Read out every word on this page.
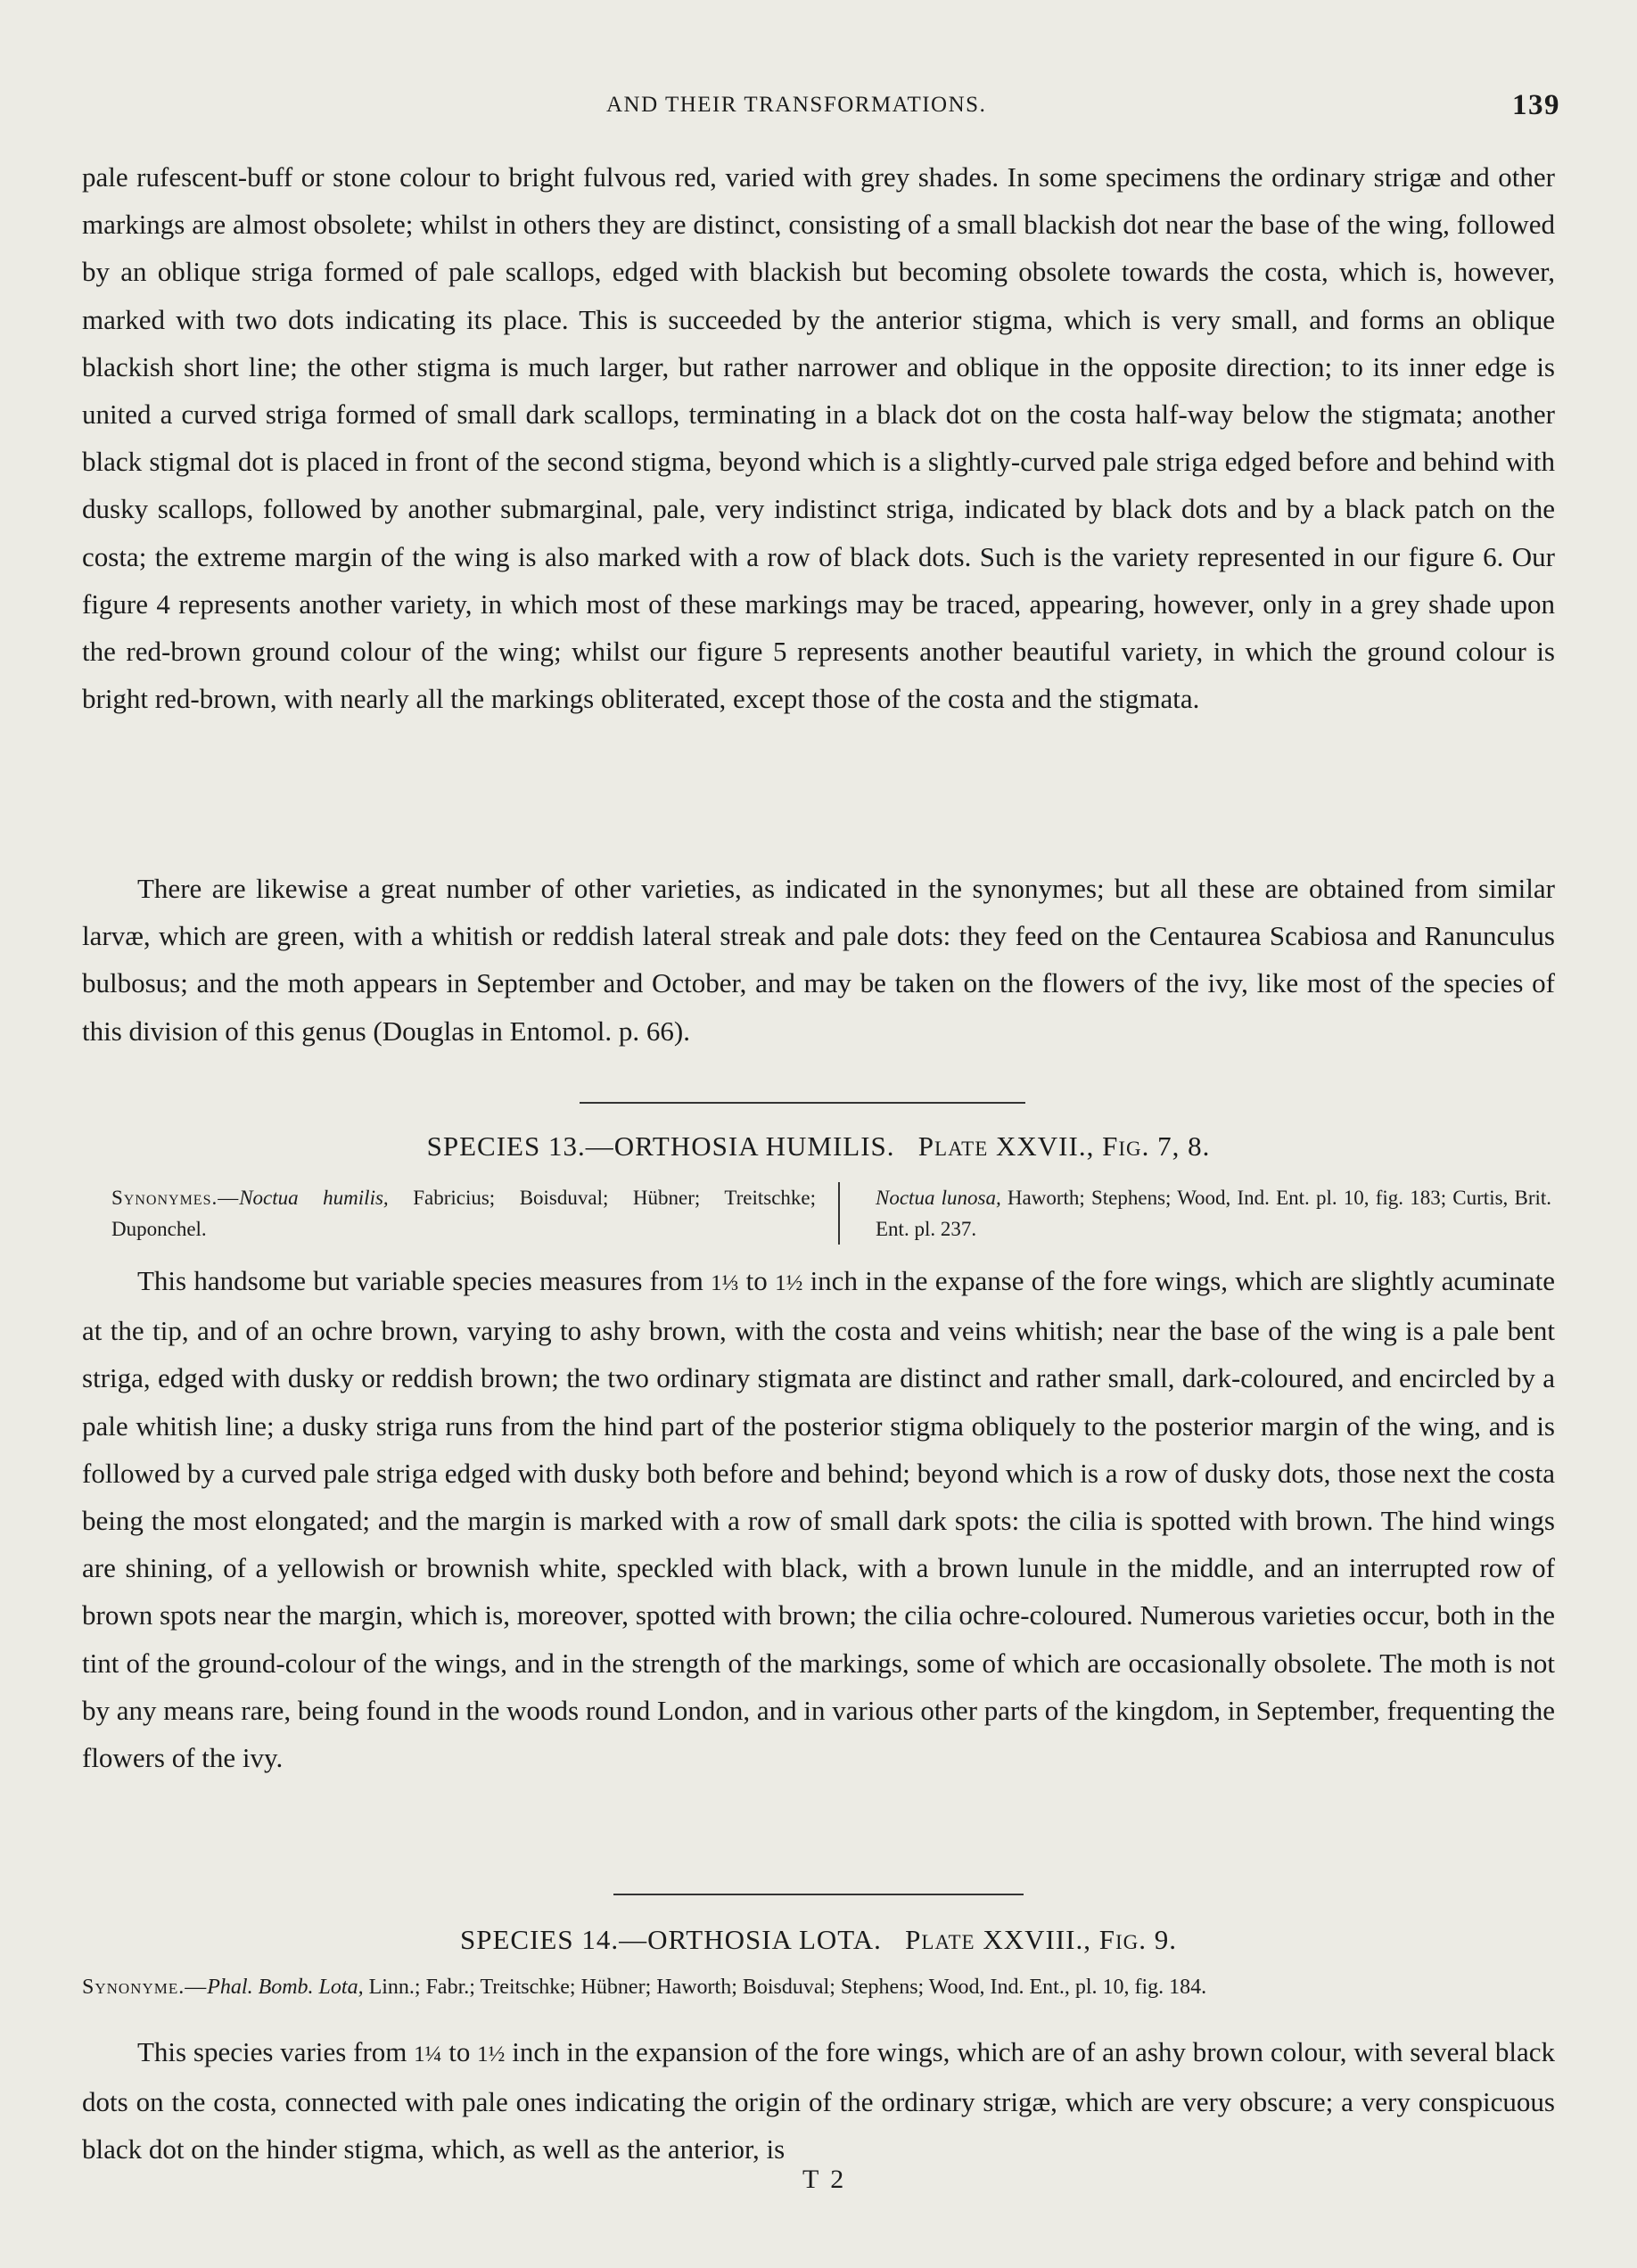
AND THEIR TRANSFORMATIONS.	139

pale rufescent-buff or stone colour to bright fulvous red, varied with grey shades. In some specimens the ordinary strigæ and other markings are almost obsolete; whilst in others they are distinct, consisting of a small blackish dot near the base of the wing, followed by an oblique striga formed of pale scallops, edged with blackish but becoming obsolete towards the costa, which is, however, marked with two dots indicating its place. This is succeeded by the anterior stigma, which is very small, and forms an oblique blackish short line; the other stigma is much larger, but rather narrower and oblique in the opposite direction; to its inner edge is united a curved striga formed of small dark scallops, terminating in a black dot on the costa half-way below the stigmata; another black stigmal dot is placed in front of the second stigma, beyond which is a slightly-curved pale striga edged before and behind with dusky scallops, followed by another submarginal, pale, very indistinct striga, indicated by black dots and by a black patch on the costa; the extreme margin of the wing is also marked with a row of black dots. Such is the variety represented in our figure 6. Our figure 4 represents another variety, in which most of these markings may be traced, appearing, however, only in a grey shade upon the red-brown ground colour of the wing; whilst our figure 5 represents another beautiful variety, in which the ground colour is bright red-brown, with nearly all the markings obliterated, except those of the costa and the stigmata.

There are likewise a great number of other varieties, as indicated in the synonymes; but all these are obtained from similar larvæ, which are green, with a whitish or reddish lateral streak and pale dots: they feed on the Centaurea Scabiosa and Ranunculus bulbosus; and the moth appears in September and October, and may be taken on the flowers of the ivy, like most of the species of this division of this genus (Douglas in Entomol. p. 66).

SPECIES 13.—ORTHOSIA HUMILIS. PLATE XXVII., FIG. 7, 8.
Synonymes.—Noctua humilis, Fabricius; Boisduval; Hübner; Treitschke; Duponchel.
Noctua lunosa, Haworth; Stephens; Wood, Ind. Ent. pl. 10, fig. 183; Curtis, Brit. Ent. pl. 237.

This handsome but variable species measures from 1⅓ to 1½ inch in the expanse of the fore wings, which are slightly acuminate at the tip, and of an ochre brown, varying to ashy brown, with the costa and veins whitish; near the base of the wing is a pale bent striga, edged with dusky or reddish brown; the two ordinary stigmata are distinct and rather small, dark-coloured, and encircled by a pale whitish line; a dusky striga runs from the hind part of the posterior stigma obliquely to the posterior margin of the wing, and is followed by a curved pale striga edged with dusky both before and behind; beyond which is a row of dusky dots, those next the costa being the most elongated; and the margin is marked with a row of small dark spots: the cilia is spotted with brown. The hind wings are shining, of a yellowish or brownish white, speckled with black, with a brown lunule in the middle, and an interrupted row of brown spots near the margin, which is, moreover, spotted with brown; the cilia ochre-coloured. Numerous varieties occur, both in the tint of the ground-colour of the wings, and in the strength of the markings, some of which are occasionally obsolete. The moth is not by any means rare, being found in the woods round London, and in various other parts of the kingdom, in September, frequenting the flowers of the ivy.

SPECIES 14.—ORTHOSIA LOTA. PLATE XXVIII., FIG. 9.
Synonyme.—Phal. Bomb. Lota, Linn.; Fabr.; Treitschke; Hübner; Haworth; Boisduval; Stephens; Wood, Ind. Ent., pl. 10, fig. 184.

This species varies from 1¼ to 1½ inch in the expansion of the fore wings, which are of an ashy brown colour, with several black dots on the costa, connected with pale ones indicating the origin of the ordinary strigæ, which are very obscure; a very conspicuous black dot on the hinder stigma, which, as well as the anterior, is

T 2
